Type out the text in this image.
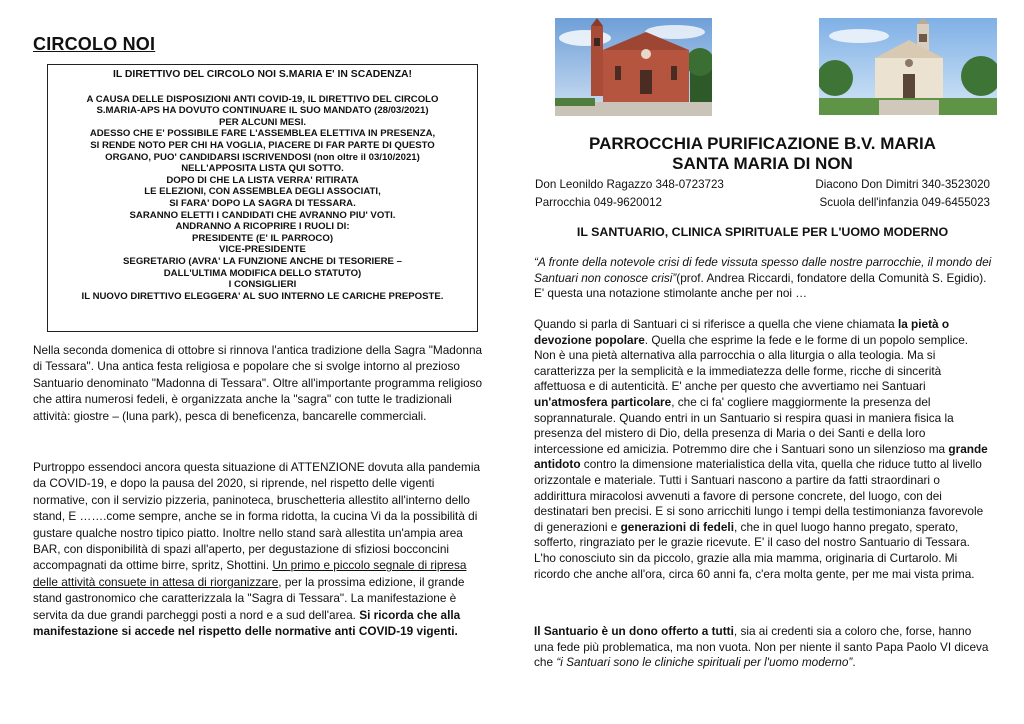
CIRCOLO NOI
IL DIRETTIVO DEL CIRCOLO NOI S.MARIA E' IN SCADENZA!
A CAUSA DELLE DISPOSIZIONI ANTI COVID-19, IL DIRETTIVO DEL CIRCOLO
S.MARIA-APS HA DOVUTO CONTINUARE IL SUO MANDATO (28/03/2021)
PER ALCUNI MESI.
ADESSO CHE E' POSSIBILE FARE L'ASSEMBLEA ELETTIVA IN PRESENZA,
SI RENDE NOTO PER CHI HA VOGLIA, PIACERE DI FAR PARTE DI QUESTO
ORGANO, PUO' CANDIDARSI ISCRIVENDOSI (non oltre il 03/10/2021)
NELL'APPOSITA LISTA QUI SOTTO.
DOPO DI CHE LA LISTA VERRA' RITIRATA
LE ELEZIONI, CON ASSEMBLEA DEGLI ASSOCIATI,
SI FARA' DOPO LA SAGRA DI TESSARA.
SARANNO ELETTI I CANDIDATI CHE AVRANNO PIU' VOTI.
ANDRANNO A RICOPRIRE I RUOLI DI:
PRESIDENTE (E' IL PARROCO)
VICE-PRESIDENTE
SEGRETARIO (AVRA' LA FUNZIONE ANCHE DI TESORIERE –
DALL'ULTIMA MODIFICA DELLO STATUTO)
I CONSIGLIERI
IL NUOVO DIRETTIVO ELEGGERA' AL SUO INTERNO LE CARICHE PREPOSTE.

Nella seconda domenica di ottobre si rinnova l'antica tradizione della Sagra "Madonna di Tessara". Una antica festa religiosa e popolare che si svolge intorno al prezioso Santuario denominato "Madonna di Tessara". Oltre all'importante programma religioso che attira numerosi fedeli, è organizzata anche la "sagra" con tutte le tradizionali attività: giostre – (luna park), pesca di beneficenza, bancarelle commerciali.

Purtroppo essendoci ancora questa situazione di ATTENZIONE dovuta alla pandemia da COVID-19, e dopo la pausa del 2020, si riprende, nel rispetto delle vigenti normative, con il servizio pizzeria, paninoteca, bruschetteria allestito all'interno dello stand, E …….come sempre, anche se in forma ridotta, la cucina Vi da la possibilità di gustare qualche nostro tipico piatto. Inoltre nello stand sarà allestita un'ampia area BAR, con disponibilità di spazi all'aperto, per degustazione di sfiziosi bocconcini accompagnati da ottime birre, spritz, Shottini. Un primo e piccolo segnale di ripresa delle attività consuete in attesa di riorganizzare, per la prossima edizione, il grande stand gastronomico che caratterizzala la "Sagra di Tessara". La manifestazione è servita da due grandi parcheggi posti a nord e a sud dell'area. Si ricorda che alla manifestazione si accede nel rispetto delle normative anti COVID-19 vigenti.

PARROCCHIA PURIFICAZIONE B.V. MARIA
SANTA MARIA DI NON
Don Leonildo Ragazzo 348-0723723	Diacono Don Dimitri 340-3523020
Parrocchia 049-9620012	Scuola dell'infanzia 049-6455023
IL SANTUARIO, CLINICA SPIRITUALE PER L'UOMO MODERNO

“A fronte della notevole crisi di fede vissuta spesso dalle nostre parrocchie, il mondo dei Santuari non conosce crisi”(prof. Andrea Riccardi, fondatore della Comunità S. Egidio). E' questa una notazione stimolante anche per noi …

Quando si parla di Santuari ci si riferisce a quella che viene chiamata la pietà o devozione popolare. Quella che esprime la fede e le forme di un popolo semplice. Non è una pietà alternativa alla parrocchia o alla liturgia o alla teologia. Ma si caratterizza per la semplicità e la immediatezza delle forme, ricche di sincerità affettuosa e di autenticità. E' anche per questo che avvertiamo nei Santuari un'atmosfera particolare, che ci fa' cogliere maggiormente la presenza del soprannaturale. Quando entri in un Santuario si respira quasi in maniera fisica la presenza del mistero di Dio, della presenza di Maria o dei Santi e della loro intercessione ed amicizia. Potremmo dire che i Santuari sono un silenzioso ma grande antidoto contro la dimensione materialistica della vita, quella che riduce tutto al livello orizzontale e materiale. Tutti i Santuari nascono a partire da fatti straordinari o addirittura miracolosi avvenuti a favore di persone concrete, del luogo, con dei destinatari ben precisi. E si sono arricchiti lungo i tempi della testimonianza favorevole di generazioni e generazioni di fedeli, che in quel luogo hanno pregato, sperato, sofferto, ringraziato per le grazie ricevute. E' il caso del nostro Santuario di Tessara. L'ho conosciuto sin da piccolo, grazie alla mia mamma, originaria di Curtarolo. Mi ricordo che anche all'ora, circa 60 anni fa, c'era molta gente, per me mai vista prima.

Il Santuario è un dono offerto a tutti, sia ai credenti sia a coloro che, forse, hanno una fede più problematica, ma non vuota. Non per niente il santo Papa Paolo VI diceva che “i Santuari sono le cliniche spirituali per l'uomo moderno”.
